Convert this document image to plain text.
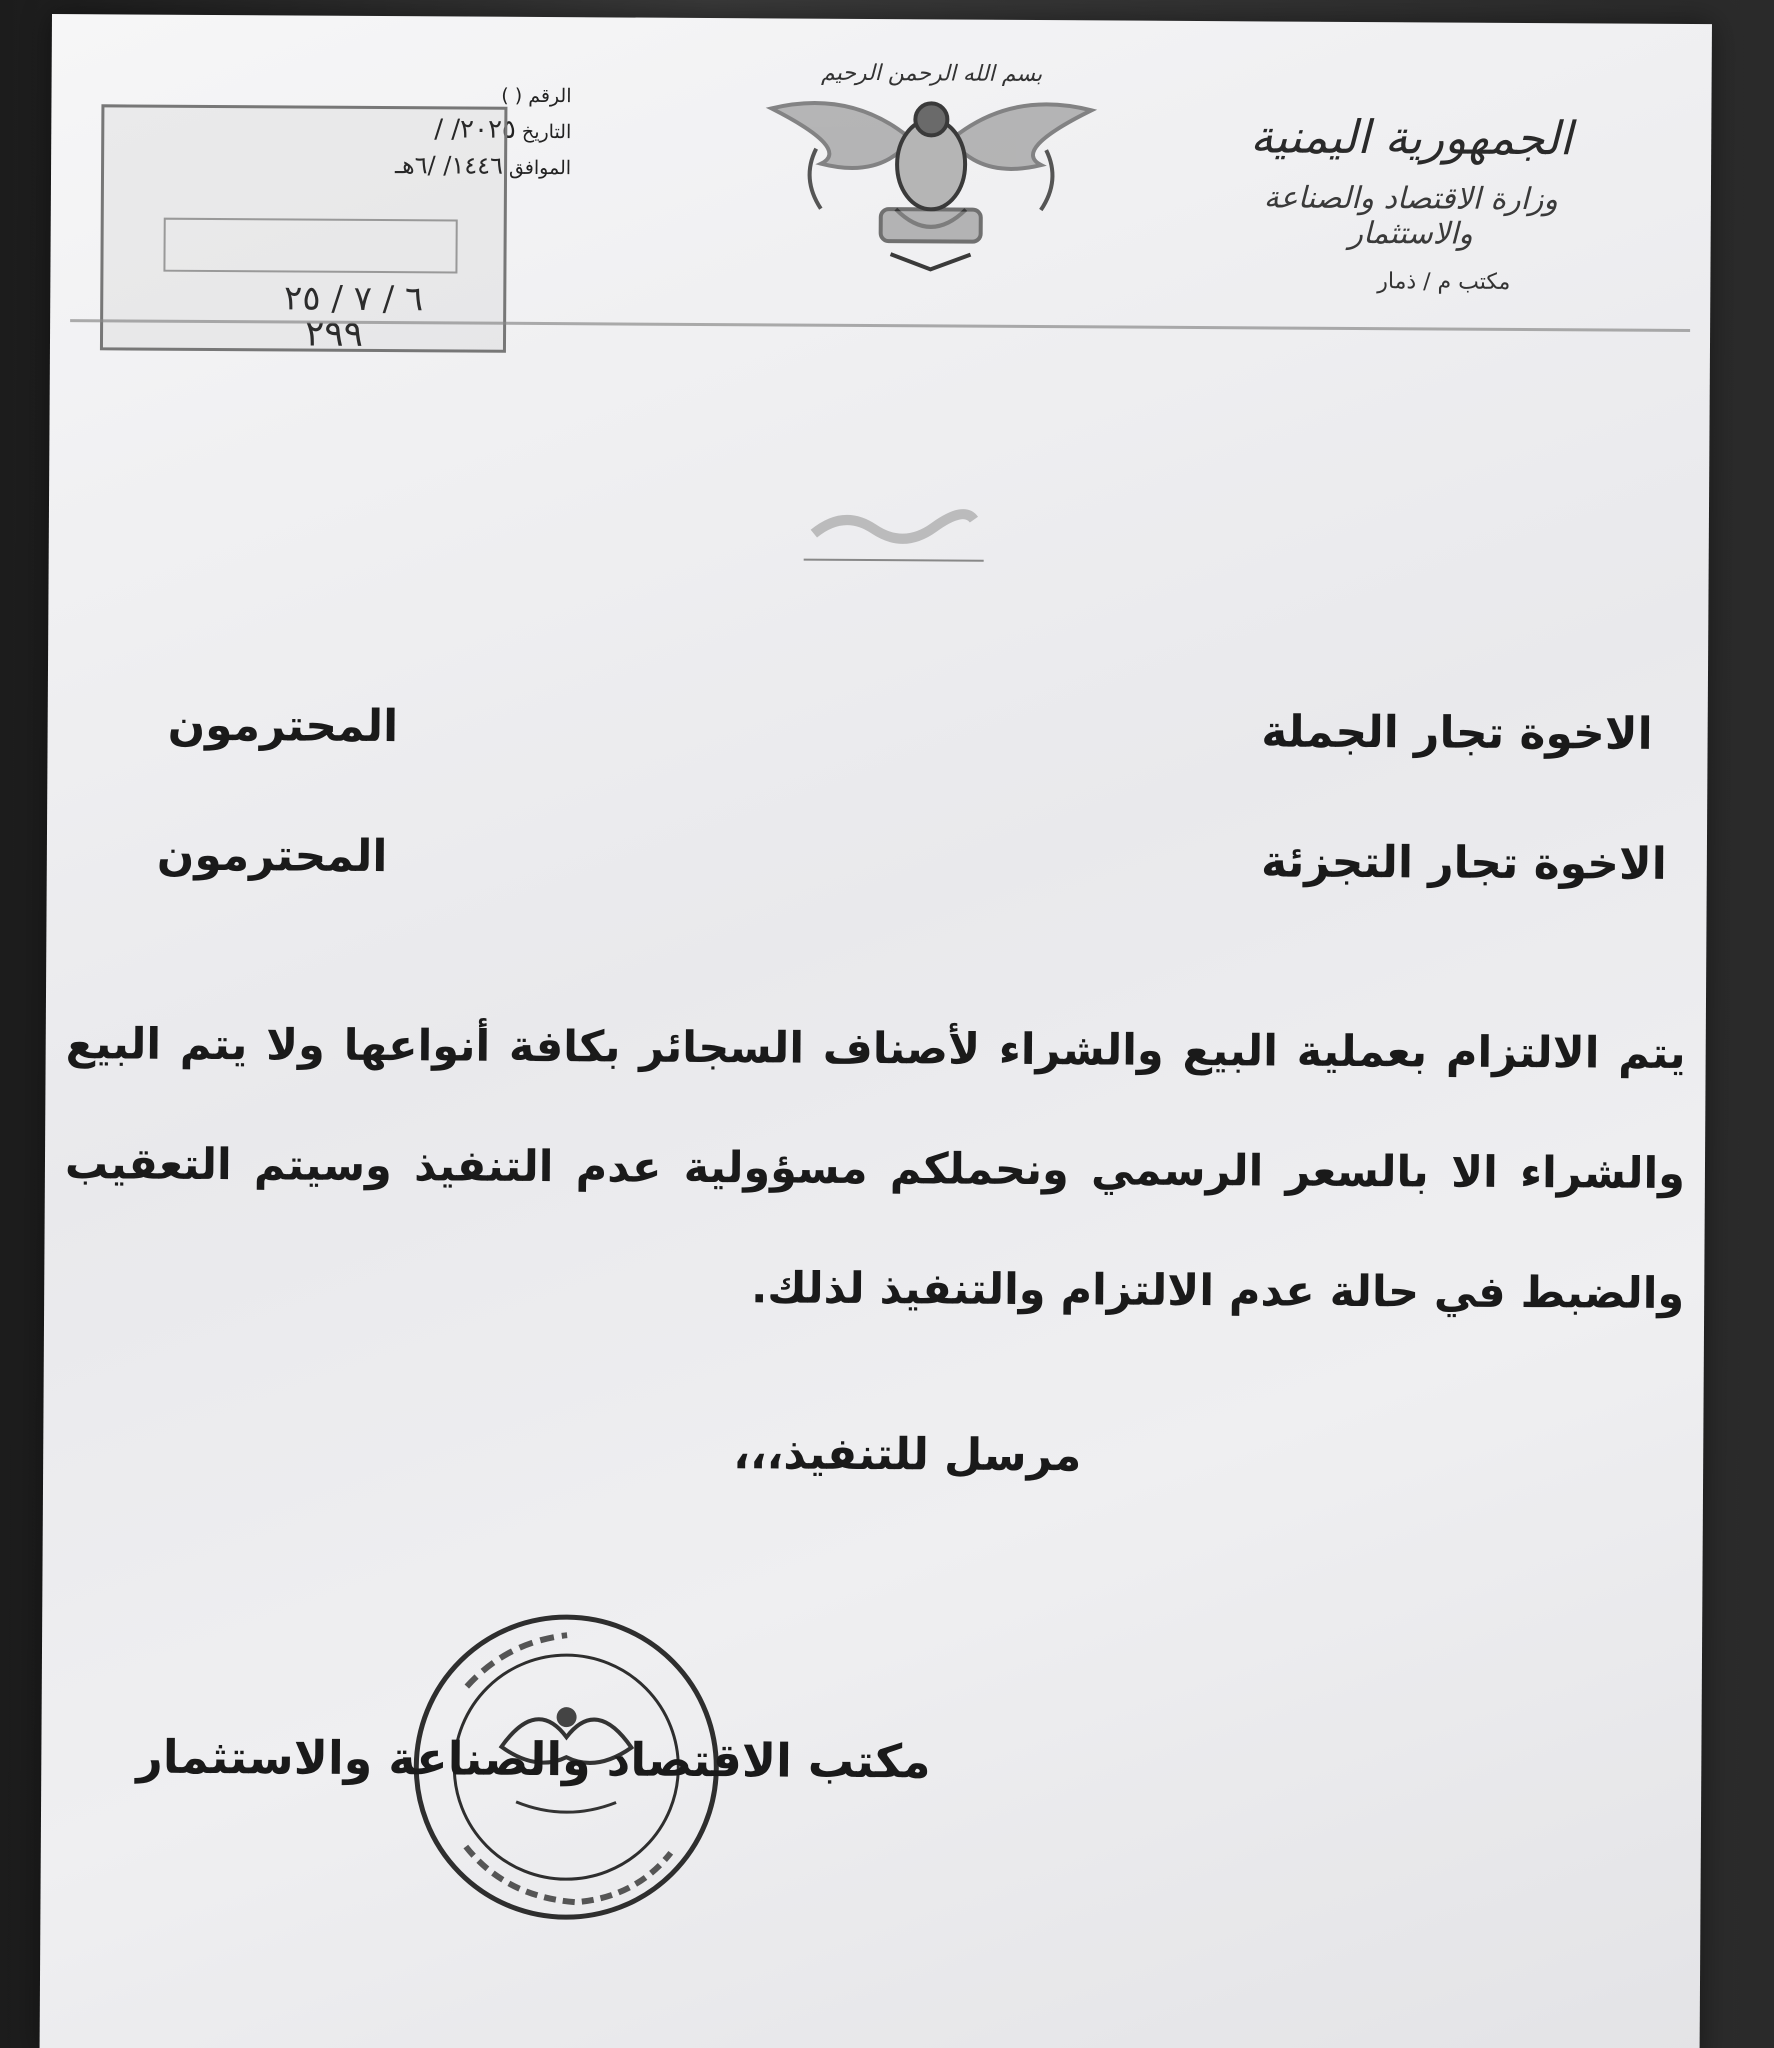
الجمهورية اليمنية
وزارة الاقتصاد والصناعة والاستثمار
مكتب م / ذمار
بسم الله الرحمن الرحيم
الرقم ( )
التاريخ ٢٠٢٥/ /
الموافق ١٤٤٦/ /٦هـ
٦ / ٧ / ٢٥
٢٩٩
الاخوة تجار الجملة
المحترمون
الاخوة تجار التجزئة
المحترمون
يتم الالتزام بعملية البيع والشراء لأصناف السجائر بكافة أنواعها ولا يتم البيع
والشراء الا بالسعر الرسمي ونحملكم مسؤولية عدم التنفيذ وسيتم التعقيب
والضبط في حالة عدم الالتزام والتنفيذ لذلك.
مرسل للتنفيذ،،،
مكتب الاقتصاد والصناعة والاستثمار
